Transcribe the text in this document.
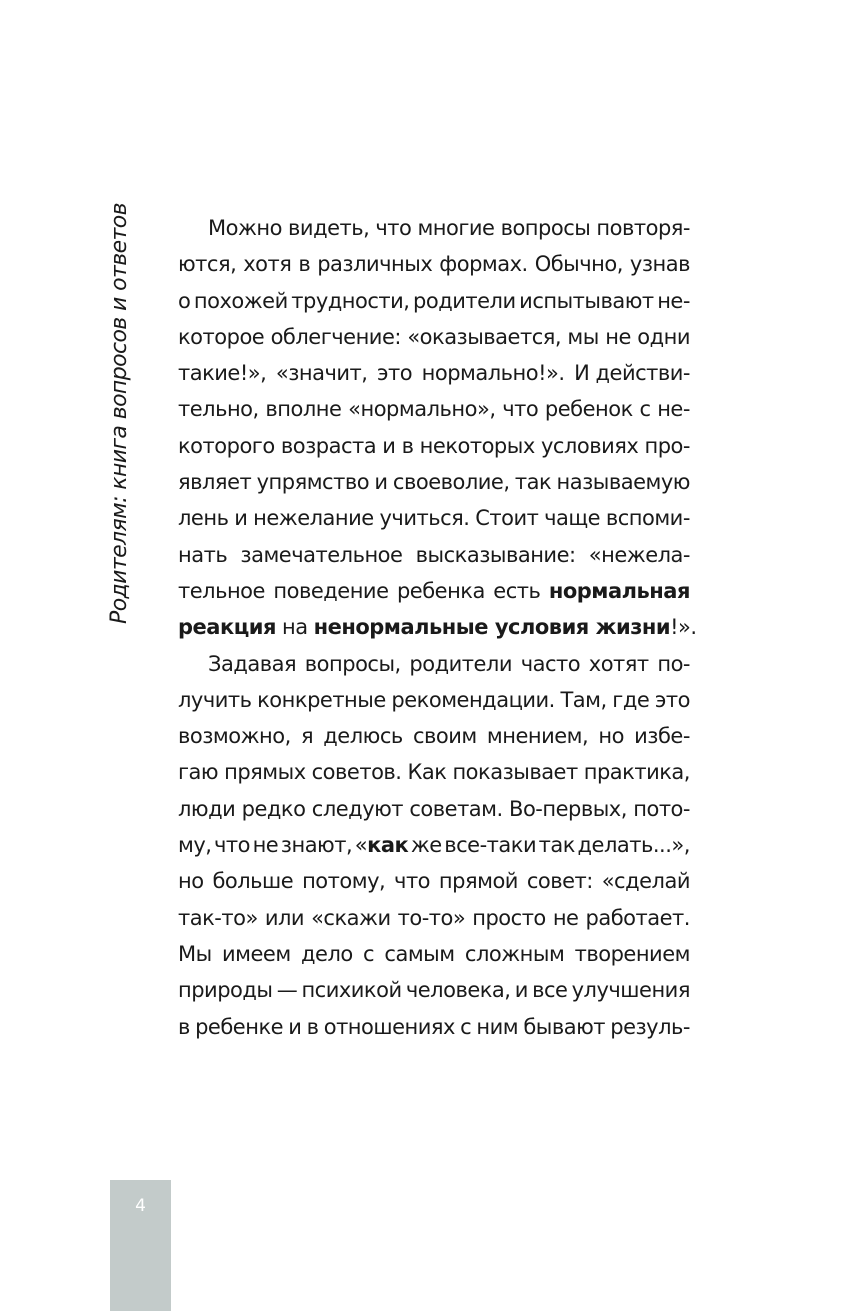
Родителям: книга вопросов и ответов	Можно видеть, что многие вопросы повторя-
ются, хотя в различных формах. Обычно, узнав
о похожей трудности, родители испытывают не-
которое облегчение: «оказывается, мы не одни
такие!», «значит, это нормально!». И действи-
тельно, вполне «нормально», что ребенок с не-
которого возраста и в некоторых условиях про-
являет упрямство и своеволие, так называемую
лень и нежелание учиться. Стоит чаще вспоми-
нать замечательное высказывание: «нежела-
тельное поведение ребенка есть нормальная
реакция на ненормальные условия жизни!».
Задавая вопросы, родители часто хотят по-
лучить конкретные рекомендации. Там, где это
возможно, я делюсь своим мнением, но избе-
гаю прямых советов. Как показывает практика,
люди редко следуют советам. Во-первых, пото-
му, что не знают, «как же все-таки так делать...»,
но больше потому, что прямой совет: «сделай
так-то» или «скажи то-то» просто не работает.
Мы имеем дело с самым сложным творением
природы — психикой человека, и все улучшения
в ребенке и в отношениях с ним бывают резуль-
4
